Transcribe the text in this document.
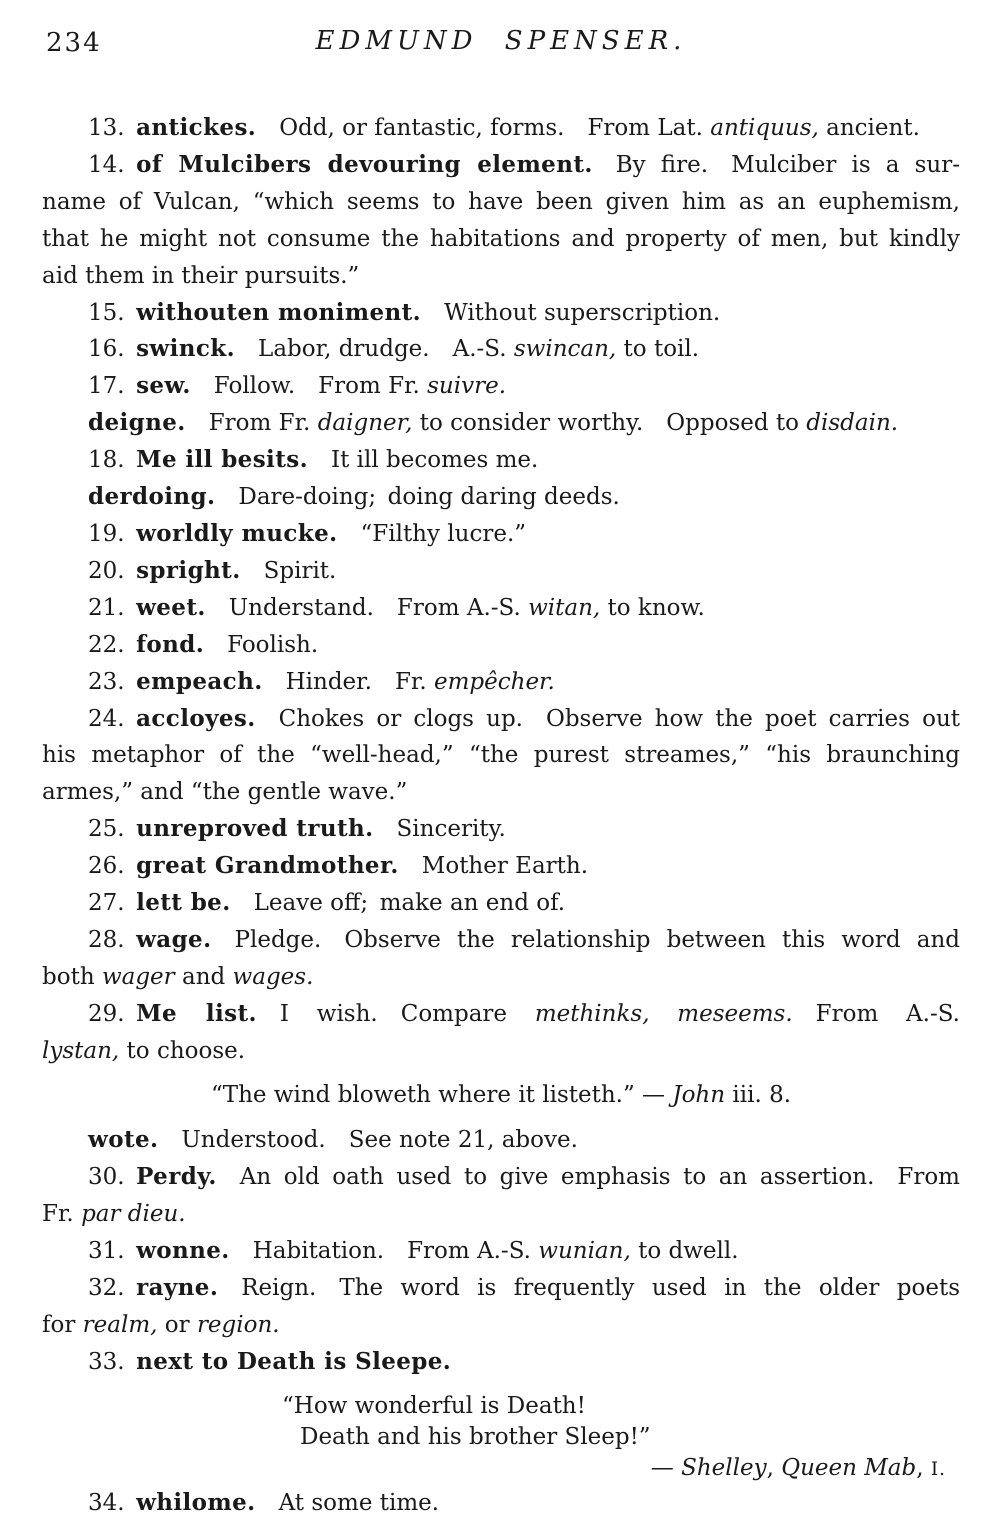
234	EDMUND SPENSER.

13. antickes. Odd, or fantastic, forms. From Lat. antiquus, ancient.

14. of Mulcibers devouring element. By fire. Mulciber is a sur-
name of Vulcan, “which seems to have been given him as an euphemism,
that he might not consume the habitations and property of men, but kindly
aid them in their pursuits.”

15. withouten moniment. Without superscription.

16. swinck. Labor, drudge. A.-S. swincan, to toil.

17. sew. Follow. From Fr. suivre.

deigne. From Fr. daigner, to consider worthy. Opposed to disdain.

18. Me ill besits. It ill becomes me.

derdoing. Dare-doing; doing daring deeds.

19. worldly mucke. “Filthy lucre.”

20. spright. Spirit.

21. weet. Understand. From A.-S. witan, to know.

22. fond. Foolish.

23. empeach. Hinder. Fr. empêcher.

24. accloyes. Chokes or clogs up. Observe how the poet carries out
his metaphor of the “well-head,” “the purest streames,” “his braunching
armes,” and “the gentle wave.”

25. unreproved truth. Sincerity.

26. great Grandmother. Mother Earth.

27. lett be. Leave off; make an end of.

28. wage. Pledge. Observe the relationship between this word and
both wager and wages.

29. Me list. I wish. Compare methinks, meseems. From A.-S.
lystan, to choose.

“The wind bloweth where it listeth.” — John iii. 8.

wote. Understood. See note 21, above.

30. Perdy. An old oath used to give emphasis to an assertion. From
Fr. par dieu.

31. wonne. Habitation. From A.-S. wunian, to dwell.

32. rayne. Reign. The word is frequently used in the older poets
for realm, or region.

33. next to Death is Sleepe.

“How wonderful is Death!
Death and his brother Sleep!”

— Shelley, Queen Mab, I.

34. whilome. At some time.
